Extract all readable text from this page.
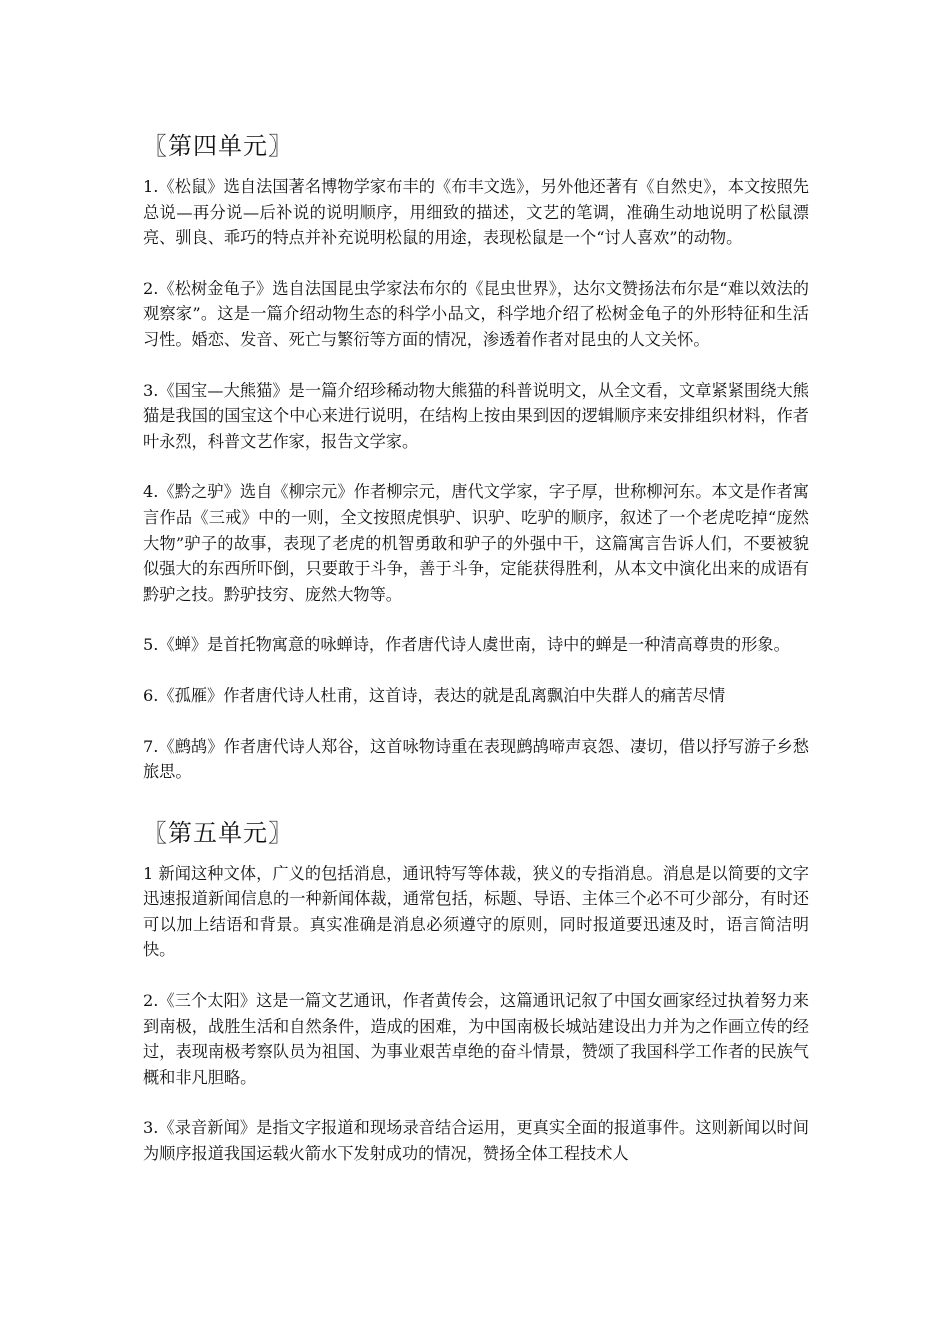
〖第四单元〗

1.《松鼠》选自法国著名博物学家布丰的《布丰文选》，另外他还著有《自然史》，本文按照先总说—再分说—后补说的说明顺序，用细致的描述，文艺的笔调，准确生动地说明了松鼠漂亮、驯良、乖巧的特点并补充说明松鼠的用途，表现松鼠是一个“讨人喜欢”的动物。

2.《松树金龟子》选自法国昆虫学家法布尔的《昆虫世界》，达尔文赞扬法布尔是“难以效法的观察家”。这是一篇介绍动物生态的科学小品文，科学地介绍了松树金龟子的外形特征和生活习性。婚恋、发音、死亡与繁衍等方面的情况，渗透着作者对昆虫的人文关怀。

3.《国宝—大熊猫》是一篇介绍珍稀动物大熊猫的科普说明文，从全文看，文章紧紧围绕大熊猫是我国的国宝这个中心来进行说明，在结构上按由果到因的逻辑顺序来安排组织材料，作者叶永烈，科普文艺作家，报告文学家。

4.《黔之驴》选自《柳宗元》作者柳宗元，唐代文学家，字子厚，世称柳河东。本文是作者寓言作品《三戒》中的一则，全文按照虎惧驴、识驴、吃驴的顺序，叙述了一个老虎吃掉“庞然大物”驴子的故事，表现了老虎的机智勇敢和驴子的外强中干，这篇寓言告诉人们，不要被貌似强大的东西所吓倒，只要敢于斗争，善于斗争，定能获得胜利，从本文中演化出来的成语有黔驴之技。黔驴技穷、庞然大物等。

5.《蝉》是首托物寓意的咏蝉诗，作者唐代诗人虞世南，诗中的蝉是一种清高尊贵的形象。

6.《孤雁》作者唐代诗人杜甫，这首诗，表达的就是乱离飘泊中失群人的痛苦尽情

7.《鹧鸪》作者唐代诗人郑谷，这首咏物诗重在表现鹧鸪啼声哀怨、凄切，借以抒写游子乡愁旅思。

〖第五单元〗

1 新闻这种文体，广义的包括消息，通讯特写等体裁，狭义的专指消息。消息是以简要的文字迅速报道新闻信息的一种新闻体裁，通常包括，标题、导语、主体三个必不可少部分，有时还可以加上结语和背景。真实准确是消息必须遵守的原则，同时报道要迅速及时，语言简洁明快。

2.《三个太阳》这是一篇文艺通讯，作者黄传会，这篇通讯记叙了中国女画家经过执着努力来到南极，战胜生活和自然条件，造成的困难，为中国南极长城站建设出力并为之作画立传的经过，表现南极考察队员为祖国、为事业艰苦卓绝的奋斗情景，赞颂了我国科学工作者的民族气概和非凡胆略。

3.《录音新闻》是指文字报道和现场录音结合运用，更真实全面的报道事件。这则新闻以时间为顺序报道我国运载火箭水下发射成功的情况，赞扬全体工程技术人
